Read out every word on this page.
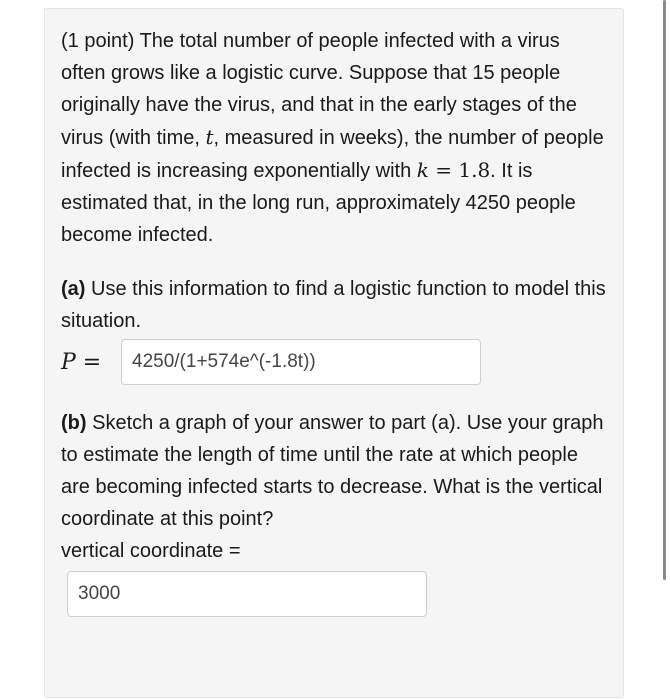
(1 point) The total number of people infected with a virus often grows like a logistic curve. Suppose that 15 people originally have the virus, and that in the early stages of the virus (with time, t, measured in weeks), the number of people infected is increasing exponentially with k = 1.8. It is estimated that, in the long run, approximately 4250 people become infected.

(a) Use this information to find a logistic function to model this situation.

P =
4250/(1+574e^(-1.8t))

(b) Sketch a graph of your answer to part (a). Use your graph to estimate the length of time until the rate at which people are becoming infected starts to decrease. What is the vertical coordinate at this point?

vertical coordinate =

3000
